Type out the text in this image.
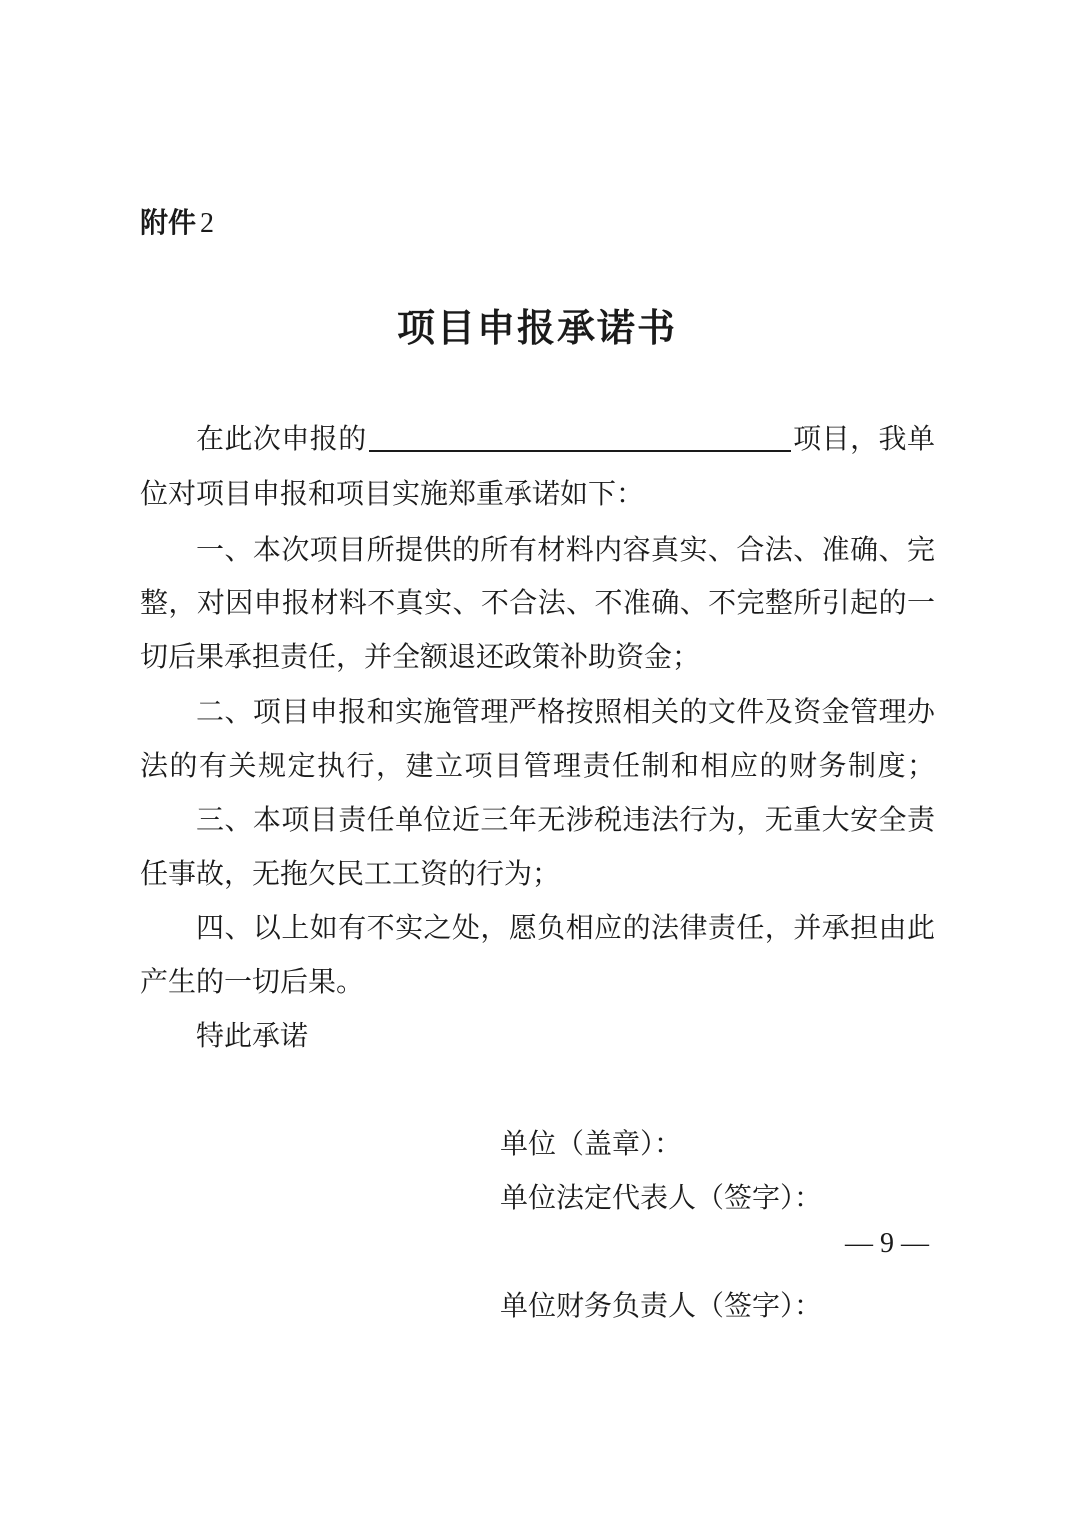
附件 2
项目申报承诺书
在此次申报的	项目，我单
位对项目申报和项目实施郑重承诺如下：
一、本次项目所提供的所有材料内容真实、合法、准确、完
整，对因申报材料不真实、不合法、不准确、不完整所引起的一
切后果承担责任，并全额退还政策补助资金；
二、项目申报和实施管理严格按照相关的文件及资金管理办
法的有关规定执行，建立项目管理责任制和相应的财务制度；
三、本项目责任单位近三年无涉税违法行为，无重大安全责
任事故，无拖欠民工工资的行为；
四、以上如有不实之处，愿负相应的法律责任，并承担由此
产生的一切后果。
特此承诺
单位（盖章）：
单位法定代表人（签字）：
单位财务负责人（签字）：
— 9 —
